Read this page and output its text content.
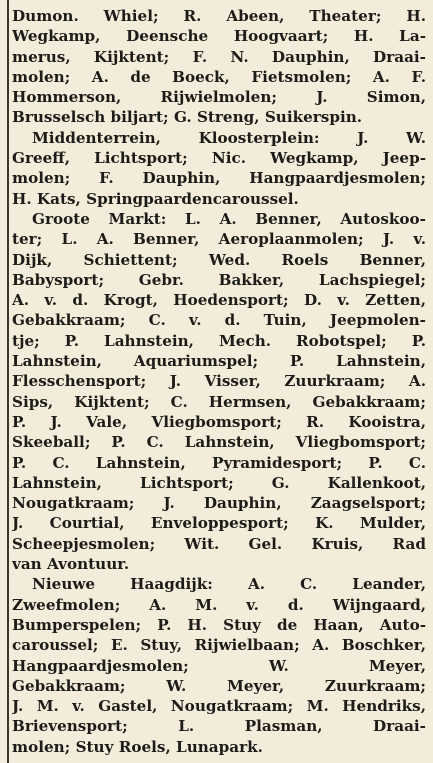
Dumon. Whiel; R. Abeen, Theater; H.
Wegkamp, Deensche Hoogvaart; H. La-
merus, Kijktent; F. N. Dauphin, Draai-
molen; A. de Boeck, Fietsmolen; A. F.
Hommerson, Rijwielmolen; J. Simon,
Brusselsch biljart; G. Streng, Suikerspin.
Middenterrein, Kloosterplein: J. W.
Greeff, Lichtsport; Nic. Wegkamp, Jeep-
molen; F. Dauphin, Hangpaardjesmolen;
H. Kats, Springpaardencaroussel.
Groote Markt: L. A. Benner, Autoskoo-
ter; L. A. Benner, Aeroplaanmolen; J. v.
Dijk, Schiettent; Wed. Roels Benner,
Babysport; Gebr. Bakker, Lachspiegel;
A. v. d. Krogt, Hoedensport; D. v. Zetten,
Gebakkraam; C. v. d. Tuin, Jeepmolen-
tje; P. Lahnstein, Mech. Robotspel; P.
Lahnstein, Aquariumspel; P. Lahnstein,
Flesschensport; J. Visser, Zuurkraam; A.
Sips, Kijktent; C. Hermsen, Gebakkraam;
P. J. Vale, Vliegbomsport; R. Kooistra,
Skeeball; P. C. Lahnstein, Vliegbomsport;
P. C. Lahnstein, Pyramidesport; P. C.
Lahnstein, Lichtsport; G. Kallenkoot,
Nougatkraam; J. Dauphin, Zaagselsport;
J. Courtial, Enveloppesport; K. Mulder,
Scheepjesmolen; Wit. Gel. Kruis, Rad
van Avontuur.
Nieuwe Haagdijk: A. C. Leander,
Zweefmolen; A. M. v. d. Wijngaard,
Bumperspelen; P. H. Stuy de Haan, Auto-
caroussel; E. Stuy, Rijwielbaan; A. Boschker,
Hangpaardjesmolen; W. Meyer,
Gebakkraam; W. Meyer, Zuurkraam;
J. M. v. Gastel, Nougatkraam; M. Hendriks,
Brievensport; L. Plasman, Draai-
molen; Stuy Roels, Lunapark.
